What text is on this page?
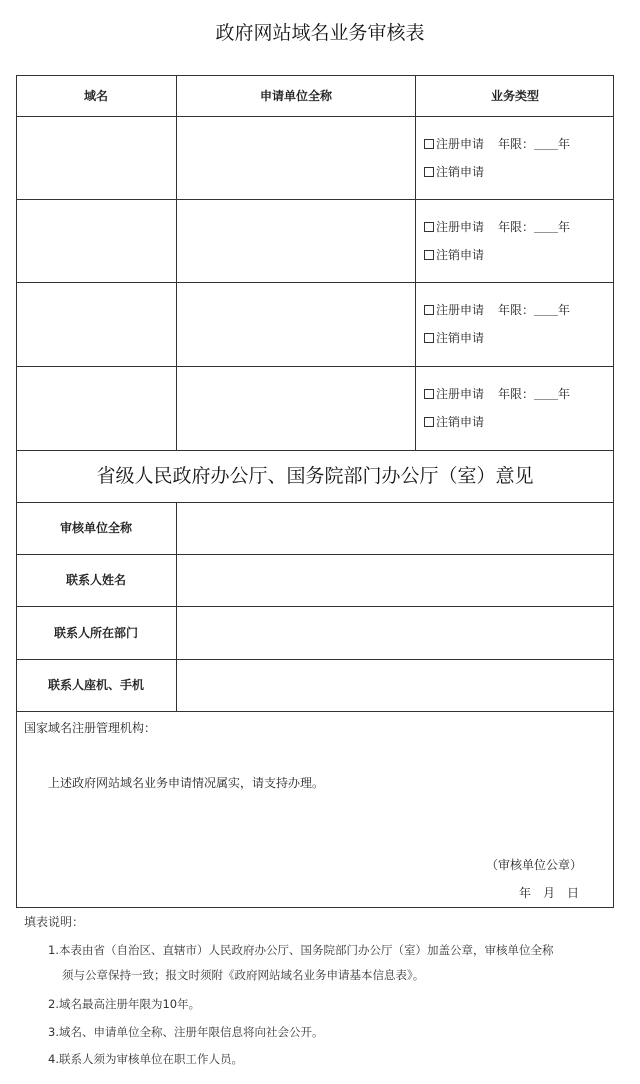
政府网站域名业务审核表
域名	申请单位全称	业务类型
注册申请 年限：＿＿年
注销申请
注册申请 年限：＿＿年
注销申请
注册申请 年限：＿＿年
注销申请
注册申请 年限：＿＿年
注销申请
省级人民政府办公厅、国务院部门办公厅（室）意见
审核单位全称
联系人姓名
联系人所在部门
联系人座机、手机
国家域名注册管理机构：
上述政府网站域名业务申请情况属实，请支持办理。
（审核单位公章）
年　月　日
填表说明：
1.本表由省（自治区、直辖市）人民政府办公厅、国务院部门办公厅（室）加盖公章，审核单位全称
须与公章保持一致；报文时须附《政府网站域名业务申请基本信息表》。
2.域名最高注册年限为10年。
3.域名、申请单位全称、注册年限信息将向社会公开。
4.联系人须为审核单位在职工作人员。
